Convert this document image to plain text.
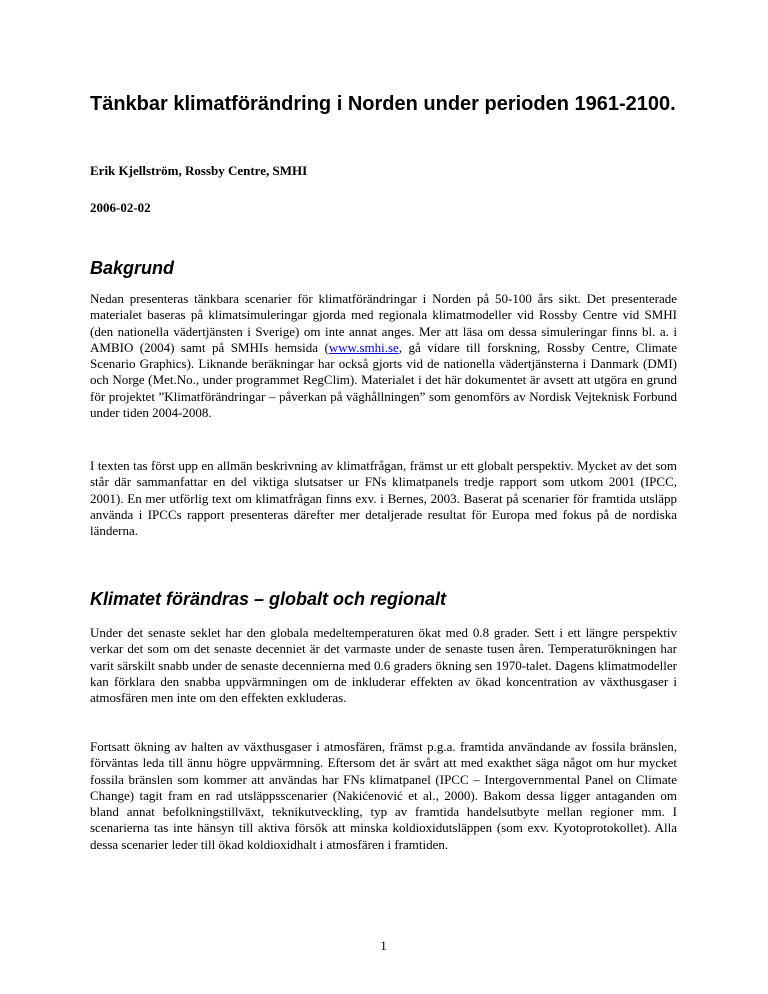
Tänkbar klimatförändring i Norden under perioden 1961-2100.

Erik Kjellström, Rossby Centre, SMHI

2006-02-02

Bakgrund

Nedan presenteras tänkbara scenarier för klimatförändringar i Norden på 50-100 års sikt. Det presenterade materialet baseras på klimatsimuleringar gjorda med regionala klimatmodeller vid Rossby Centre vid SMHI (den nationella vädertjänsten i Sverige) om inte annat anges. Mer att läsa om dessa simuleringar finns bl. a. i AMBIO (2004) samt på SMHIs hemsida (www.smhi.se, gå vidare till forskning, Rossby Centre, Climate Scenario Graphics). Liknande beräkningar har också gjorts vid de nationella vädertjänsterna i Danmark (DMI) och Norge (Met.No., under programmet RegClim). Materialet i det här dokumentet är avsett att utgöra en grund för projektet ”Klimatförändringar – påverkan på väghållningen” som genomförs av Nordisk Vejteknisk Forbund under tiden 2004-2008.

I texten tas först upp en allmän beskrivning av klimatfrågan, främst ur ett globalt perspektiv. Mycket av det som står där sammanfattar en del viktiga slutsatser ur FNs klimatpanels tredje rapport som utkom 2001 (IPCC, 2001). En mer utförlig text om klimatfrågan finns exv. i Bernes, 2003. Baserat på scenarier för framtida utsläpp använda i IPCCs rapport presenteras därefter mer detaljerade resultat för Europa med fokus på de nordiska länderna.

Klimatet förändras – globalt och regionalt

Under det senaste seklet har den globala medeltemperaturen ökat med 0.8 grader. Sett i ett längre perspektiv verkar det som om det senaste decenniet är det varmaste under de senaste tusen åren. Temperaturökningen har varit särskilt snabb under de senaste decennierna med 0.6 graders ökning sen 1970-talet. Dagens klimatmodeller kan förklara den snabba uppvärmningen om de inkluderar effekten av ökad koncentration av växthusgaser i atmosfären men inte om den effekten exkluderas.

Fortsatt ökning av halten av växthusgaser i atmosfären, främst p.g.a. framtida användande av fossila bränslen, förväntas leda till ännu högre uppvärmning. Eftersom det är svårt att med exakthet säga något om hur mycket fossila bränslen som kommer att användas har FNs klimatpanel (IPCC – Intergovernmental Panel on Climate Change) tagit fram en rad utsläppsscenarier (Nakićenović et al., 2000). Bakom dessa ligger antaganden om bland annat befolkningstillväxt, teknikutveckling, typ av framtida handelsutbyte mellan regioner mm. I scenarierna tas inte hänsyn till aktiva försök att minska koldioxidutsläppen (som exv. Kyotoprotokollet). Alla dessa scenarier leder till ökad koldioxidhalt i atmosfären i framtiden.

1
